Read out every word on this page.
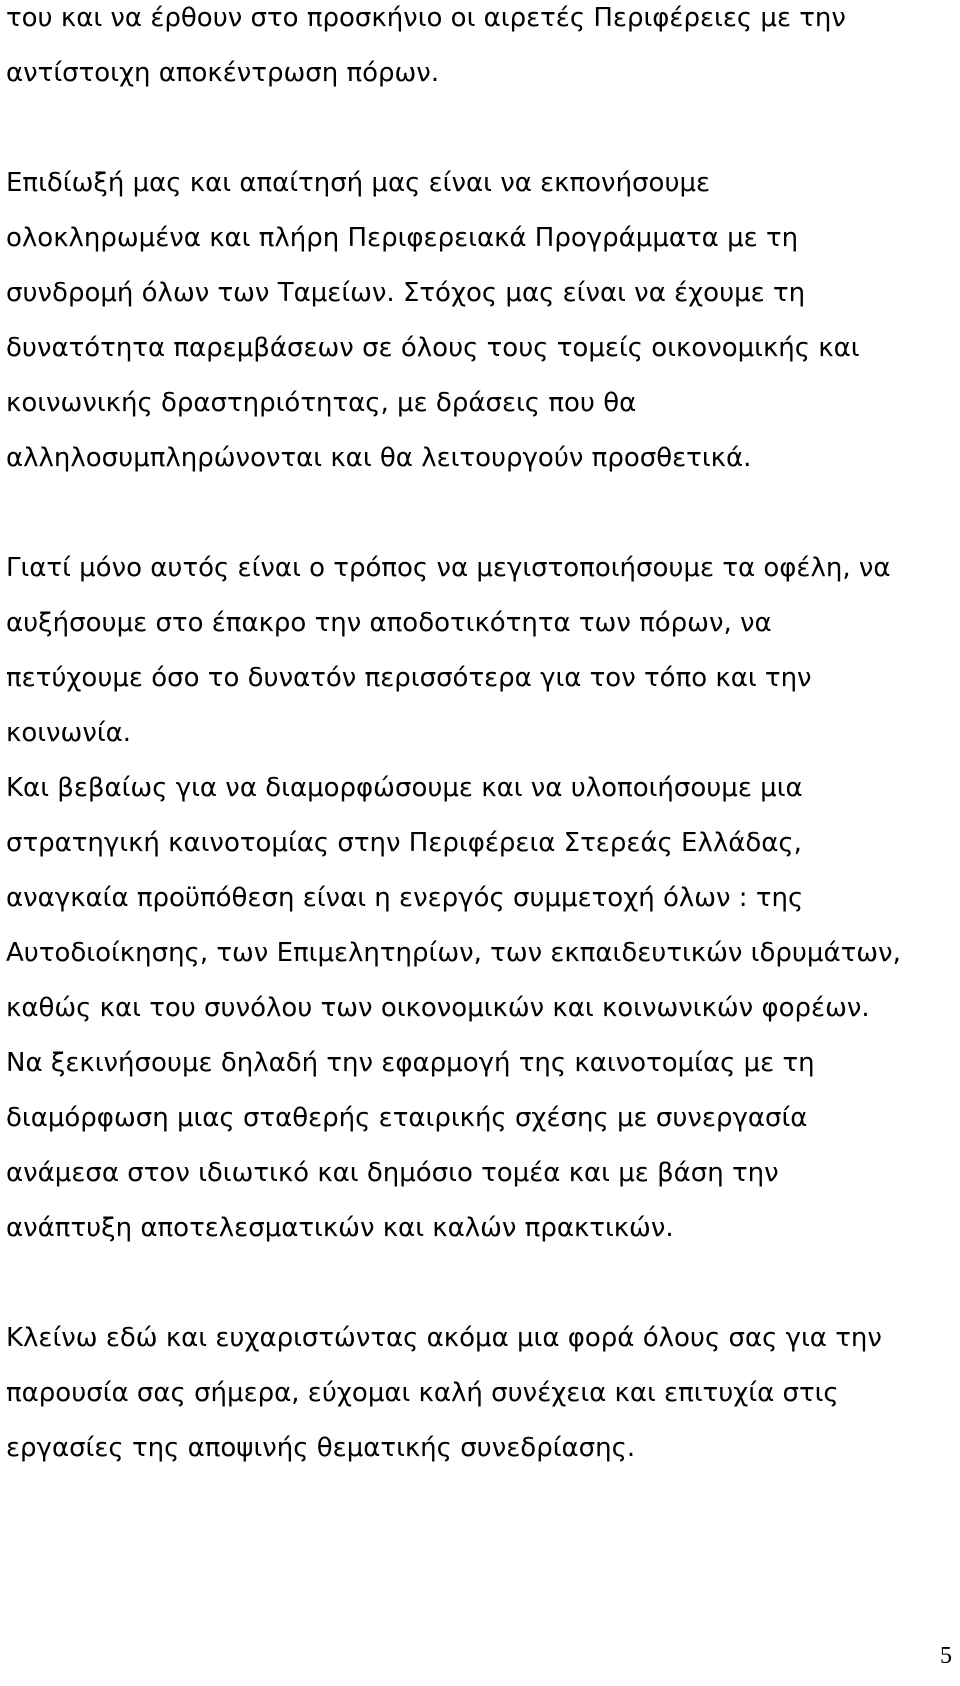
του και να έρθουν στο προσκήνιο οι αιρετές Περιφέρειες με την
αντίστοιχη αποκέντρωση πόρων.
Επιδίωξή μας και απαίτησή μας είναι να εκπονήσουμε
ολοκληρωμένα και πλήρη Περιφερειακά Προγράμματα με τη
συνδρομή όλων των Ταμείων. Στόχος μας είναι να έχουμε τη
δυνατότητα παρεμβάσεων σε όλους τους τομείς οικονομικής και
κοινωνικής δραστηριότητας, με δράσεις που θα
αλληλοσυμπληρώνονται και θα λειτουργούν προσθετικά.
Γιατί μόνο αυτός είναι ο τρόπος να μεγιστοποιήσουμε τα οφέλη, να
αυξήσουμε στο έπακρο την αποδοτικότητα των πόρων, να
πετύχουμε όσο το δυνατόν περισσότερα για τον τόπο και την
κοινωνία.
Και βεβαίως για να διαμορφώσουμε και να υλοποιήσουμε μια
στρατηγική καινοτομίας στην Περιφέρεια Στερεάς Ελλάδας,
αναγκαία προϋπόθεση είναι η ενεργός συμμετοχή όλων : της
Αυτοδιοίκησης, των Επιμελητηρίων, των εκπαιδευτικών ιδρυμάτων,
καθώς και του συνόλου των οικονομικών και κοινωνικών φορέων.
Να ξεκινήσουμε δηλαδή την εφαρμογή της καινοτομίας με τη
διαμόρφωση μιας σταθερής εταιρικής σχέσης με συνεργασία
ανάμεσα στον ιδιωτικό και δημόσιο τομέα και με βάση την
ανάπτυξη αποτελεσματικών και καλών πρακτικών.
Κλείνω εδώ και ευχαριστώντας ακόμα μια φορά όλους σας για την
παρουσία σας σήμερα, εύχομαι καλή συνέχεια και επιτυχία στις
εργασίες της αποψινής θεματικής συνεδρίασης.
5
